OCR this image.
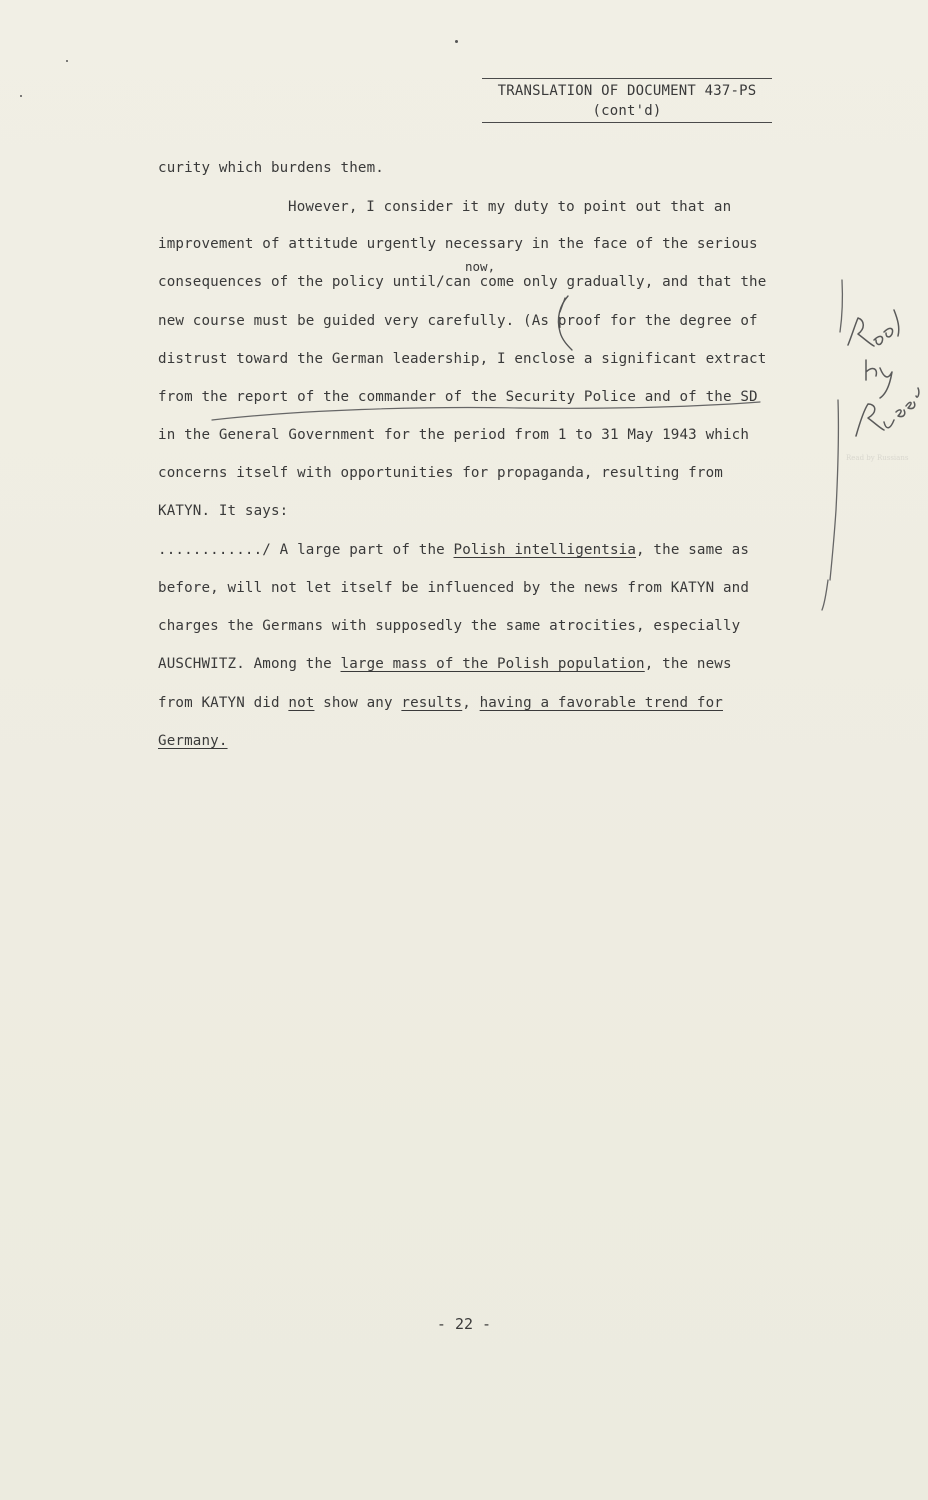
TRANSLATION OF DOCUMENT 437-PS
(cont'd)
curity which burdens them.
However, I consider it my duty to point out that an
improvement of attitude urgently necessary in the face of the serious
now,
consequences of the policy until/can come only gradually, and that the
new course must be guided very carefully. (As proof for the degree of
distrust toward the German leadership, I enclose a significant extract
from the report of the commander of the Security Police and of the SD
in the General Government for the period from 1 to 31 May 1943 which
concerns itself with opportunities for propaganda, resulting from
KATYN. It says:
............/ A large part of the Polish intelligentsia, the same as
before, will not let itself be influenced by the news from KATYN and
charges the Germans with supposedly the same atrocities, especially
AUSCHWITZ. Among the large mass of the Polish population, the news
from KATYN did not show any results, having a favorable trend for
Germany.
- 22 -
Read by Russians
